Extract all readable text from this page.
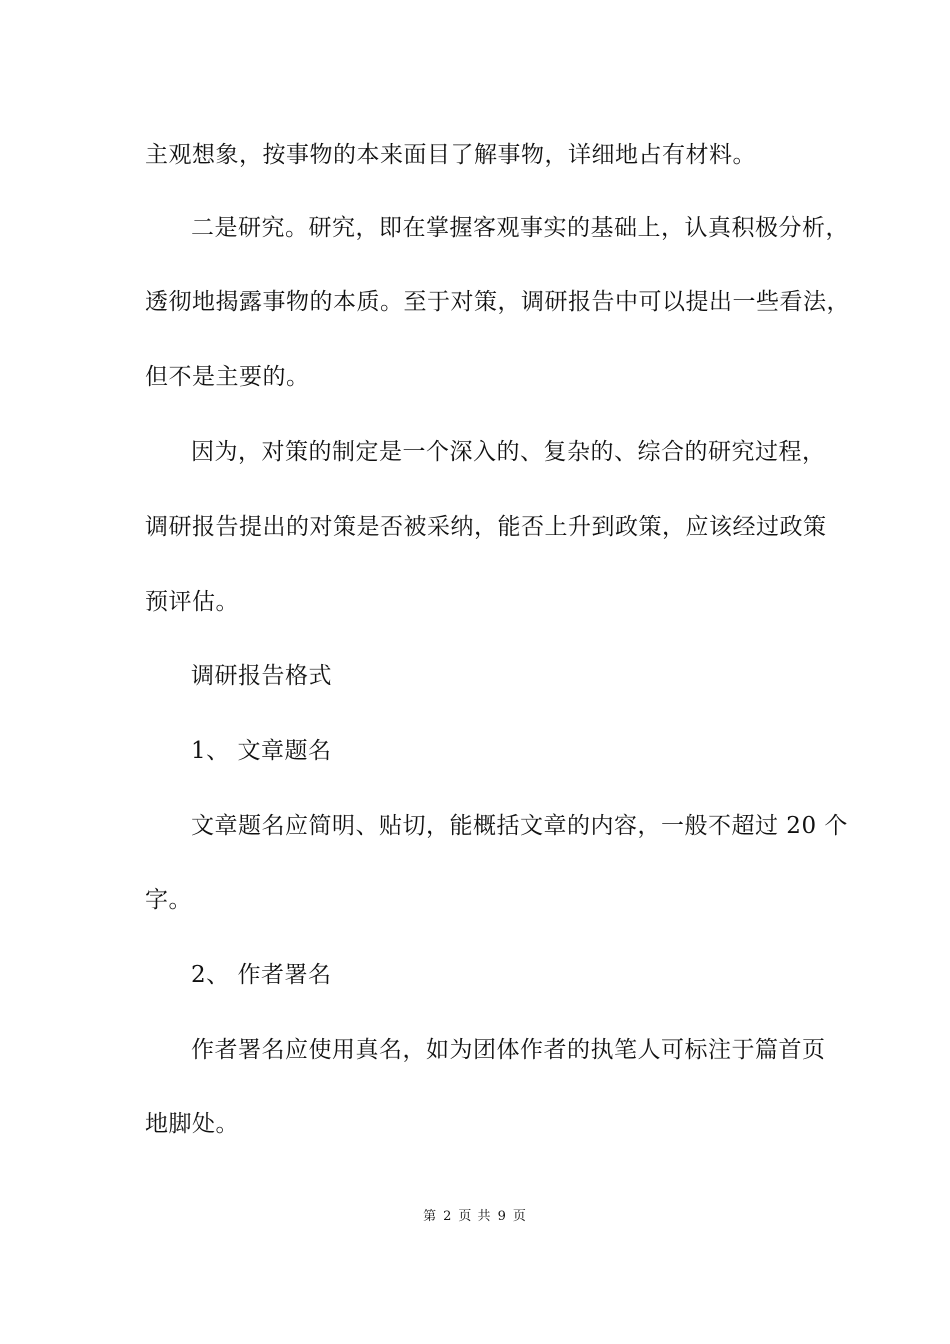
主观想象，按事物的本来面目了解事物，详细地占有材料。
二是研究。研究，即在掌握客观事实的基础上，认真积极分析，
透彻地揭露事物的本质。至于对策，调研报告中可以提出一些看法，
但不是主要的。
因为，对策的制定是一个深入的、复杂的、综合的研究过程，
调研报告提出的对策是否被采纳，能否上升到政策，应该经过政策
预评估。
调研报告格式
1、 文章题名
文章题名应简明、贴切，能概括文章的内容，一般不超过 20 个
字。
2、 作者署名
作者署名应使用真名，如为团体作者的执笔人可标注于篇首页
地脚处。
第 2 页 共 9 页
